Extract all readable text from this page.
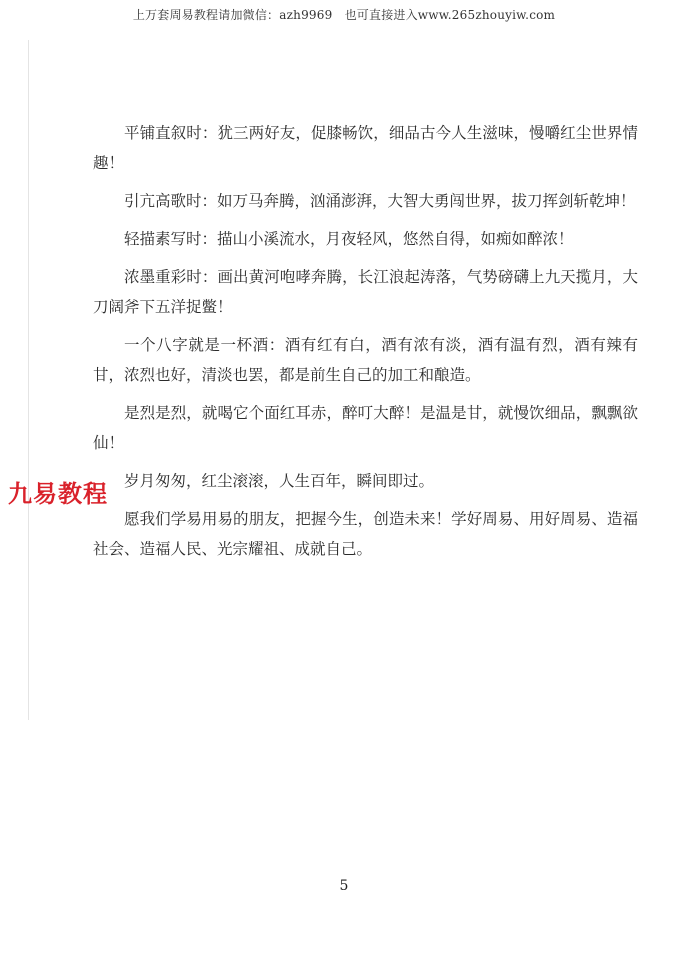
上万套周易教程请加微信：azh9969　也可直接进入www.265zhouyiw.com
九易教程

平铺直叙时：犹三两好友，促膝畅饮，细品古今人生滋味，慢嚼红尘世界情趣！

引亢高歌时：如万马奔腾，汹涌澎湃，大智大勇闯世界，拔刀挥剑斩乾坤！

轻描素写时：描山小溪流水，月夜轻风，悠然自得，如痴如醉浓！

浓墨重彩时：画出黄河咆哮奔腾，长江浪起涛落，气势磅礴上九天揽月，大刀阔斧下五洋捉鳖！

一个八字就是一杯酒：酒有红有白，酒有浓有淡，酒有温有烈，酒有辣有甘，浓烈也好，清淡也罢，都是前生自己的加工和酿造。

是烈是烈，就喝它个面红耳赤，醉叮大醉！是温是甘，就慢饮细品，飘飘欲仙！

岁月匆匆，红尘滚滚，人生百年，瞬间即过。

愿我们学易用易的朋友，把握今生，创造未来！学好周易、用好周易、造福社会、造福人民、光宗耀祖、成就自己。

5
